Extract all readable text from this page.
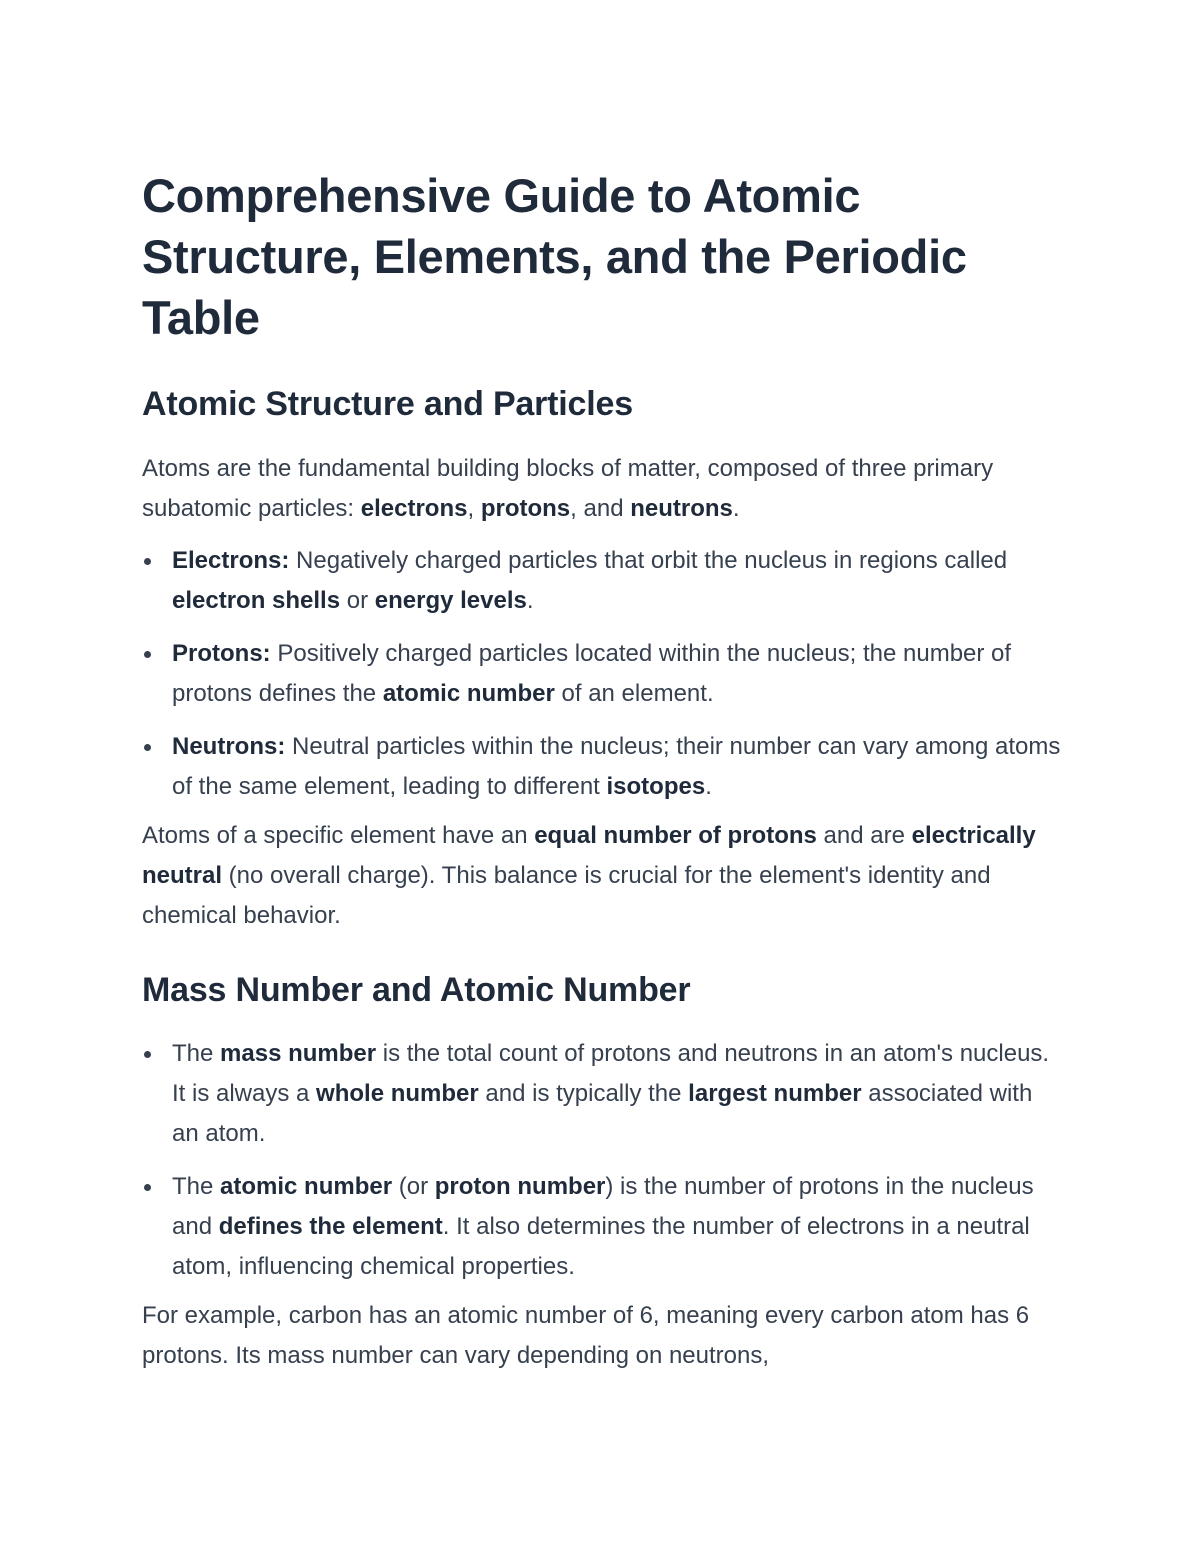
Comprehensive Guide to Atomic Structure, Elements, and the Periodic Table
Atomic Structure and Particles

Atoms are the fundamental building blocks of matter, composed of three primary subatomic particles: electrons, protons, and neutrons.

Electrons: Negatively charged particles that orbit the nucleus in regions called electron shells or energy levels.
Protons: Positively charged particles located within the nucleus; the number of protons defines the atomic number of an element.
Neutrons: Neutral particles within the nucleus; their number can vary among atoms of the same element, leading to different isotopes.

Atoms of a specific element have an equal number of protons and are electrically neutral (no overall charge). This balance is crucial for the element's identity and chemical behavior.

Mass Number and Atomic Number
The mass number is the total count of protons and neutrons in an atom's nucleus. It is always a whole number and is typically the largest number associated with an atom.
The atomic number (or proton number) is the number of protons in the nucleus and defines the element. It also determines the number of electrons in a neutral atom, influencing chemical properties.

For example, carbon has an atomic number of 6, meaning every carbon atom has 6 protons. Its mass number can vary depending on neutrons,
